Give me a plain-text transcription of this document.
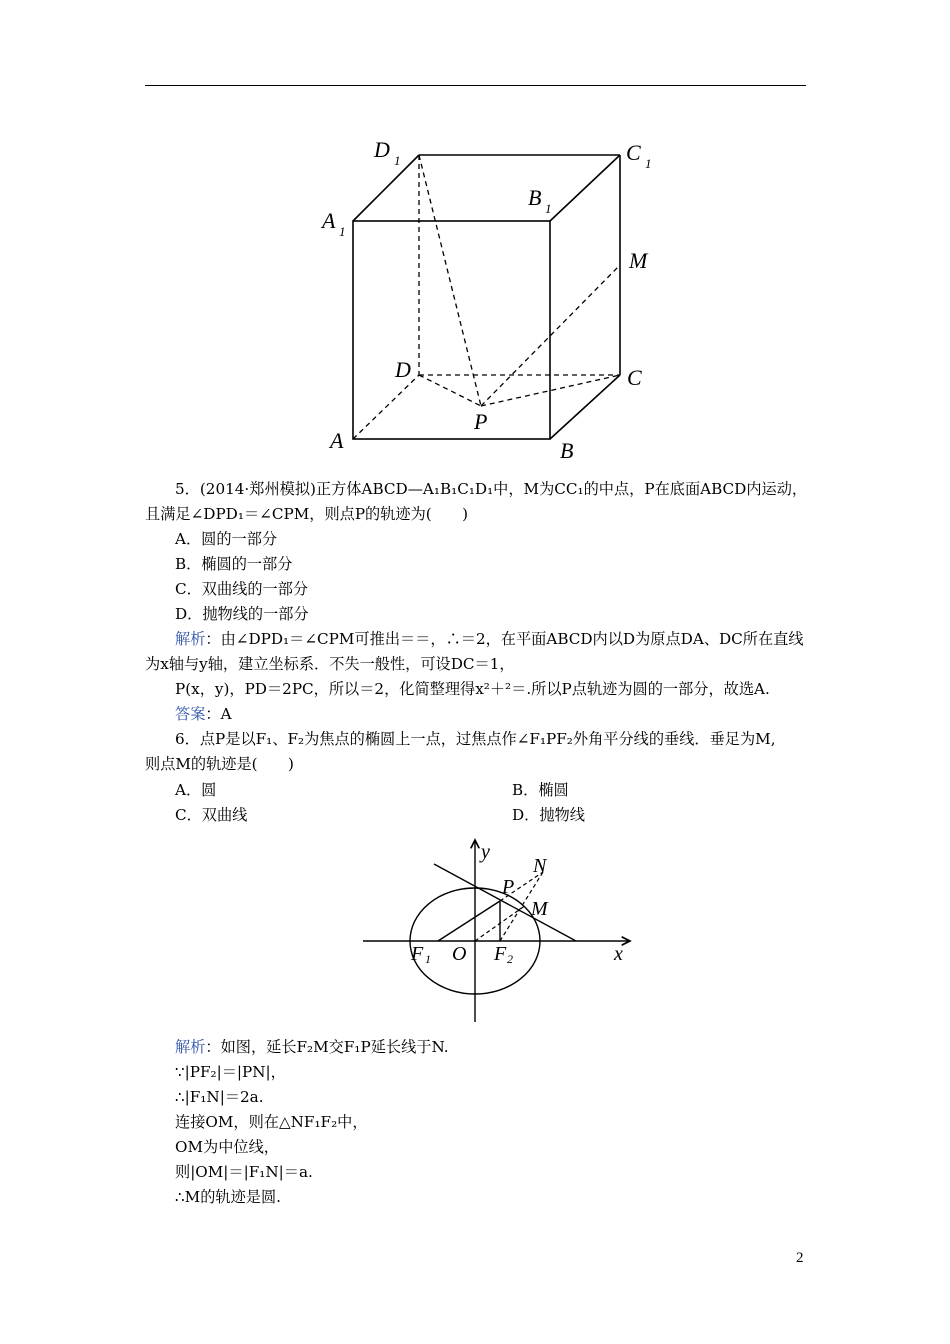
D 1	C 1
B 1
A 1
M
D	C
P
A	B
5．(2014·郑州模拟)正方体ABCD—A₁B₁C₁D₁中，M为CC₁的中点，P在底面ABCD内运动，
且满足∠DPD₁＝∠CPM，则点P的轨迹为(　　)
A．圆的一部分
B．椭圆的一部分
C．双曲线的一部分
D．抛物线的一部分
解析：由∠DPD₁＝∠CPM可推出＝＝，∴＝2，在平面ABCD内以D为原点DA、DC所在直线
为x轴与y轴，建立坐标系．不失一般性，可设DC＝1，
P(x，y)，PD＝2PC，所以＝2，化简整理得x²＋²＝.所以P点轨迹为圆的一部分，故选A.
答案：A
6．点P是以F₁、F₂为焦点的椭圆上一点，过焦点作∠F₁PF₂外角平分线的垂线．垂足为M,
则点M的轨迹是(　　)
A．圆	B．椭圆
C．双曲线	D．抛物线
y
N
P
M
F 1 O F 2	x
解析：如图，延长F₂M交F₁P延长线于N.
∵|PF₂|＝|PN|，
∴|F₁N|＝2a.
连接OM，则在△NF₁F₂中，
OM为中位线，
则|OM|＝|F₁N|＝a.
∴M的轨迹是圆.
2
